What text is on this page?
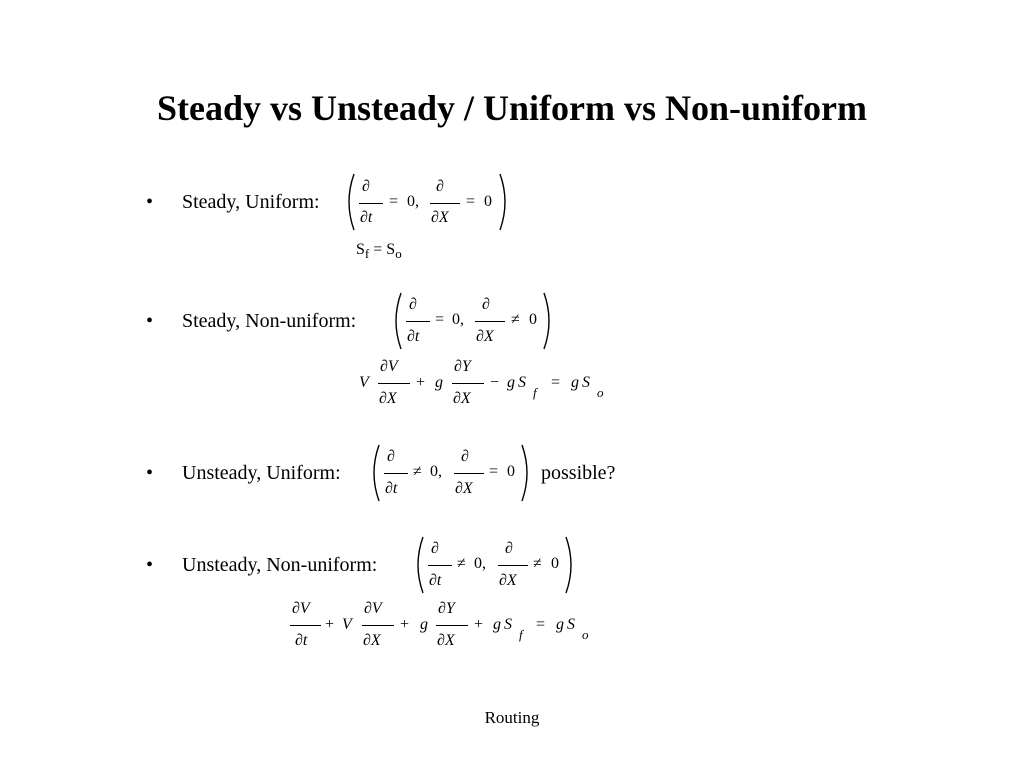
Steady vs Unsteady / Uniform vs Non-uniform
• Steady, Uniform:
∂
∂t
= 0,
∂
∂X
= 0
$S_f = S_o$
• Steady, Non-uniform:
∂
∂t
= 0,
∂
∂X
≠ 0
V
∂V
∂X
+ g
∂Y
∂X
− g S
f
= g S
o
• Unsteady, Uniform:
∂
∂t
≠ 0,
∂
∂X
= 0 possible?
• Unsteady, Non-uniform:
∂
∂t
≠ 0,
∂
∂X
≠ 0
∂V
∂t
+ V
∂V
∂X
+ g
∂Y
∂X
+ g S
f
= g S
o
Routing
